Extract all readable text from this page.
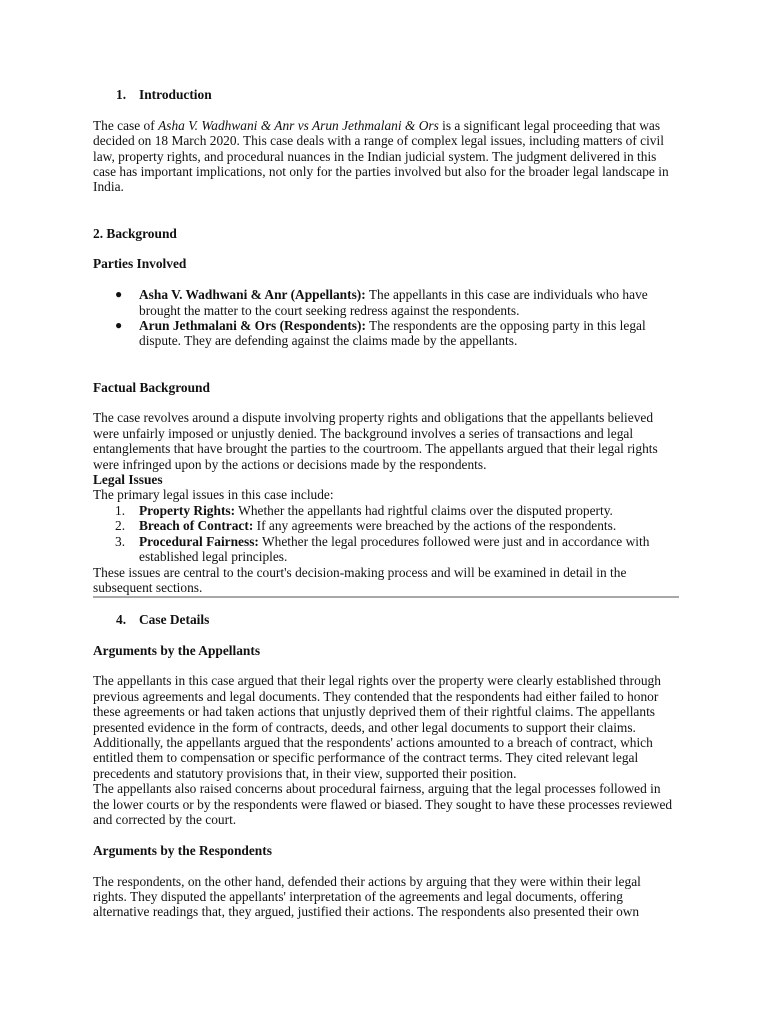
1. Introduction

The case of Asha V. Wadhwani & Anr vs Arun Jethmalani & Ors is a significant legal proceeding that was decided on 18 March 2020. This case deals with a range of complex legal issues, including matters of civil law, property rights, and procedural nuances in the Indian judicial system. The judgment delivered in this case has important implications, not only for the parties involved but also for the broader legal landscape in India.

2. Background
Parties Involved
● Asha V. Wadhwani & Anr (Appellants): The appellants in this case are individuals who have brought the matter to the court seeking redress against the respondents.
● Arun Jethmalani & Ors (Respondents): The respondents are the opposing party in this legal dispute. They are defending against the claims made by the appellants.
Factual Background

The case revolves around a dispute involving property rights and obligations that the appellants believed were unfairly imposed or unjustly denied. The background involves a series of transactions and legal entanglements that have brought the parties to the courtroom. The appellants argued that their legal rights were infringed upon by the actions or decisions made by the respondents.

Legal Issues

The primary legal issues in this case include:

1. Property Rights: Whether the appellants had rightful claims over the disputed property.
2. Breach of Contract: If any agreements were breached by the actions of the respondents.
3. Procedural Fairness: Whether the legal procedures followed were just and in accordance with established legal principles.

These issues are central to the court's decision-making process and will be examined in detail in the subsequent sections.

4. Case Details
Arguments by the Appellants

The appellants in this case argued that their legal rights over the property were clearly established through previous agreements and legal documents. They contended that the respondents had either failed to honor these agreements or had taken actions that unjustly deprived them of their rightful claims. The appellants presented evidence in the form of contracts, deeds, and other legal documents to support their claims.

Additionally, the appellants argued that the respondents' actions amounted to a breach of contract, which entitled them to compensation or specific performance of the contract terms. They cited relevant legal precedents and statutory provisions that, in their view, supported their position.

The appellants also raised concerns about procedural fairness, arguing that the legal processes followed in the lower courts or by the respondents were flawed or biased. They sought to have these processes reviewed and corrected by the court.

Arguments by the Respondents

The respondents, on the other hand, defended their actions by arguing that they were within their legal rights. They disputed the appellants' interpretation of the agreements and legal documents, offering alternative readings that, they argued, justified their actions. The respondents also presented their own
